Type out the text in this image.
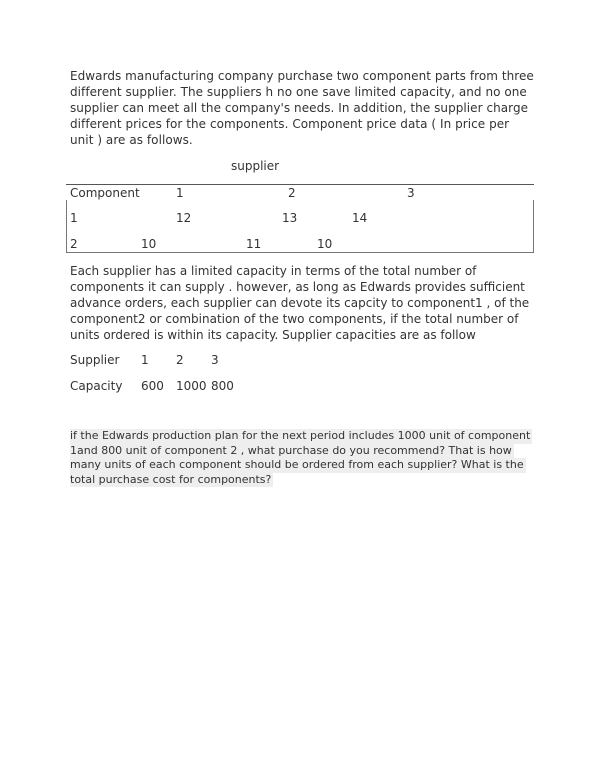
Edwards manufacturing company purchase two component parts from three
different supplier. The suppliers h no one save limited capacity, and no one
supplier can meet all the company's needs. In addition, the supplier charge
different prices for the components. Component price data ( In price per
unit ) are as follows.
supplier
Component	1	2	3
1	12	13	14
2	10	11	10
Each supplier has a limited capacity in terms of the total number of
components it can supply . however, as long as Edwards provides sufficient
advance orders, each supplier can devote its capcity to component1 , of the
component2 or combination of the two components, if the total number of
units ordered is within its capacity. Supplier capacities are as follow
Supplier 1 2 3
Capacity 600 1000 800
if the Edwards production plan for the next period includes 1000 unit of component
1and 800 unit of component 2 , what purchase do you recommend? That is how
many units of each component should be ordered from each supplier? What is the
total purchase cost for components?
